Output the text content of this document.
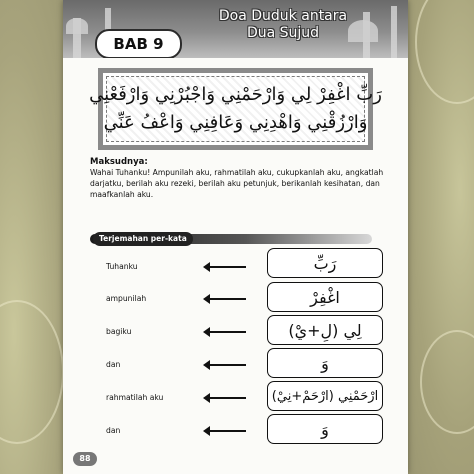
BAB 9
Doa Duduk antara
Dua Sujud
رَبِّ اغْفِرْ لِي وَارْحَمْنِي وَاجْبُرْنِي وَارْفَعْنِي
وَارْزُقْنِي وَاهْدِنِي وَعَافِنِي وَاعْفُ عَنِّي
Maksudnya:
Wahai Tuhanku! Ampunilah aku, rahmatilah aku, cukupkanlah aku, angkatlah darjatku, berilah aku rezeki, berilah aku petunjuk, berikanlah kesihatan, dan maafkanlah aku.
Terjemahan per-kata
Tuhanku	رَبِّ
ampunilah	اغْفِرْ
bagiku	لِي (لِ+يْ)
dan	وَ
rahmatilah aku	ارْحَمْنِي (ارْحَمْ+نِيْ)
dan	وَ
88
